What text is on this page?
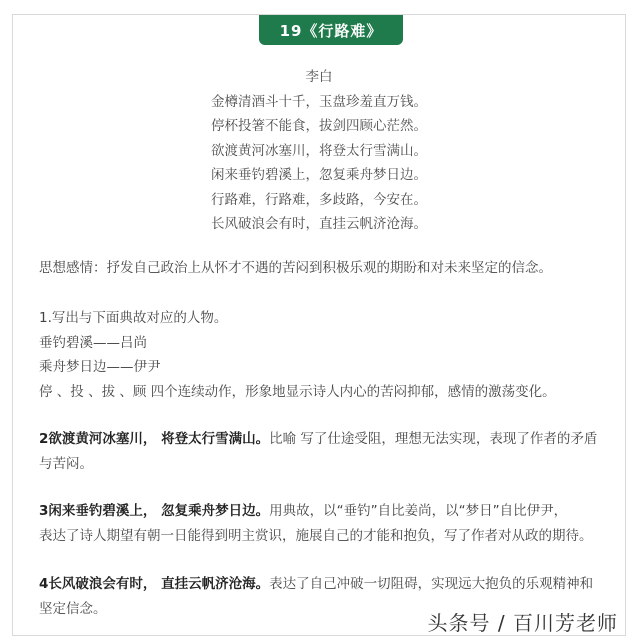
19《行路难》
李白
金樽清酒斗十千，玉盘珍羞直万钱。
停杯投箸不能食，拔剑四顾心茫然。
欲渡黄河冰塞川，将登太行雪满山。
闲来垂钓碧溪上，忽复乘舟梦日边。
行路难，行路难，多歧路，今安在。
长风破浪会有时，直挂云帆济沧海。
思想感情：抒发自己政治上从怀才不遇的苦闷到积极乐观的期盼和对未来坚定的信念。
1.写出与下面典故对应的人物。
垂钓碧溪——吕尚
乘舟梦日边——伊尹
停 、投 、拔 、顾 四个连续动作，形象地显示诗人内心的苦闷抑郁，感情的激荡变化。
2欲渡黄河冰塞川， 将登太行雪满山。比喻 写了仕途受阻，理想无法实现，表现了作者的矛盾
与苦闷。
3闲来垂钓碧溪上， 忽复乘舟梦日边。用典故，以“垂钓”自比姜尚，以“梦日”自比伊尹，
表达了诗人期望有朝一日能得到明主赏识，施展自己的才能和抱负，写了作者对从政的期待。
4长风破浪会有时， 直挂云帆济沧海。表达了自己冲破一切阻碍，实现远大抱负的乐观精神和
坚定信念。
头条号 / 百川芳老师
